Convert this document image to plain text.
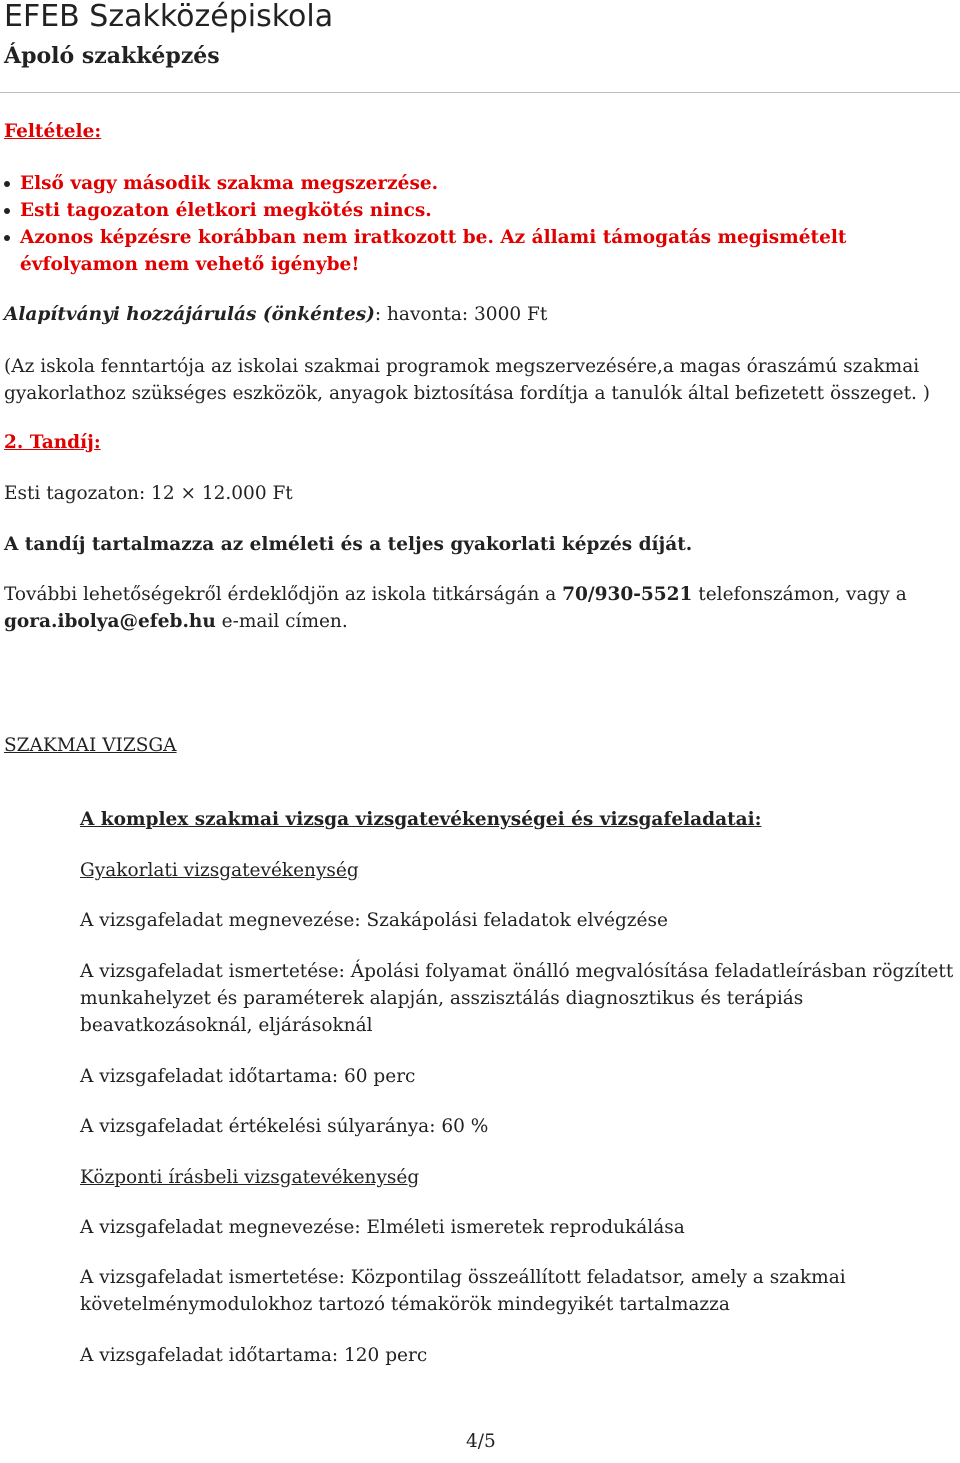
EFEB Szakközépiskola
Ápoló szakképzés
Feltétele:
Első vagy második szakma megszerzése.
Esti tagozaton életkori megkötés nincs.
Azonos képzésre korábban nem iratkozott be. Az állami támogatás megismételt évfolyamon nem vehető igénybe!
Alapítványi hozzájárulás (önkéntes): havonta: 3000 Ft
(Az iskola fenntartója az iskolai szakmai programok megszervezésére,a magas óraszámú szakmai gyakorlathoz szükséges eszközök, anyagok biztosítása fordítja a tanulók által befizetett összeget. )
2. Tandíj:
Esti tagozaton: 12 × 12.000 Ft
A tandíj tartalmazza az elméleti és a teljes gyakorlati képzés díját.
További lehetőségekről érdeklődjön az iskola titkárságán a 70/930-5521 telefonszámon, vagy a gora.ibolya@efeb.hu e-mail címen.
SZAKMAI VIZSGA
A komplex szakmai vizsga vizsgatevékenységei és vizsgafeladatai:
Gyakorlati vizsgatevékenység
A vizsgafeladat megnevezése: Szakápolási feladatok elvégzése
A vizsgafeladat ismertetése: Ápolási folyamat önálló megvalósítása feladatleírásban rögzített munkahelyzet és paraméterek alapján, asszisztálás diagnosztikus és terápiás beavatkozásoknál, eljárásoknál
A vizsgafeladat időtartama: 60 perc
A vizsgafeladat értékelési súlyaránya: 60 %
Központi írásbeli vizsgatevékenység
A vizsgafeladat megnevezése: Elméleti ismeretek reprodukálása
A vizsgafeladat ismertetése: Központilag összeállított feladatsor, amely a szakmai követelménymodulokhoz tartozó témakörök mindegyikét tartalmazza
A vizsgafeladat időtartama: 120 perc
4/5
